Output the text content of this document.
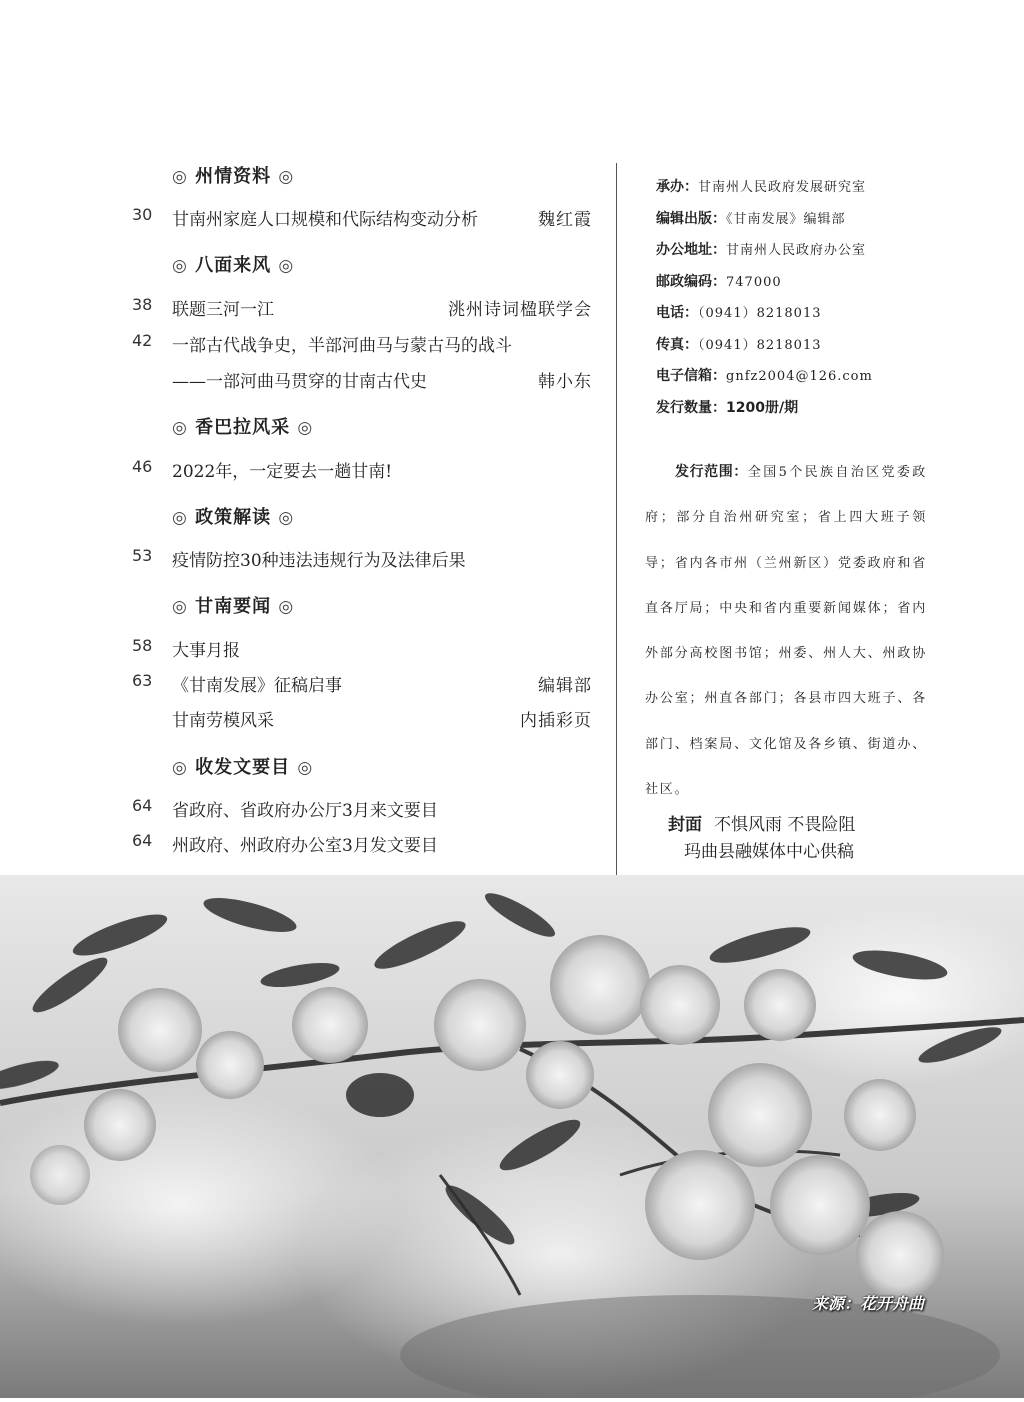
◎ 州情资料 ◎
30	甘南州家庭人口规模和代际结构变动分析	魏红霞
◎ 八面来风 ◎
38	联题三河一江	洮州诗词楹联学会
42	一部古代战争史，半部河曲马与蒙古马的战斗
——一部河曲马贯穿的甘南古代史	韩小东
◎ 香巴拉风采 ◎
46	2022年，一定要去一趟甘南!
◎ 政策解读 ◎
53	疫情防控30种违法违规行为及法律后果
◎ 甘南要闻 ◎
58	大事月报
63	《甘南发展》征稿启事	编辑部
甘南劳模风采	内插彩页
◎ 收发文要目 ◎
64	省政府、省政府办公厅3月来文要目
64	州政府、州政府办公室3月发文要目
承办：甘南州人民政府发展研究室
编辑出版：《甘南发展》编辑部
办公地址：甘南州人民政府办公室
邮政编码：747000
电话：（0941）8218013
传真：（0941）8218013
电子信箱：gnfz2004@126.com
发行数量：1200册/期
发行范围：全国5个民族自治区党委政府；部分自治州研究室；省上四大班子领导；省内各市州（兰州新区）党委政府和省直各厅局；中央和省内重要新闻媒体；省内外部分高校图书馆；州委、州人大、州政协办公室；州直各部门；各县市四大班子、各部门、档案局、文化馆及各乡镇、街道办、社区。
封面 不惧风雨 不畏险阻
玛曲县融媒体中心供稿
来源：花开舟曲
